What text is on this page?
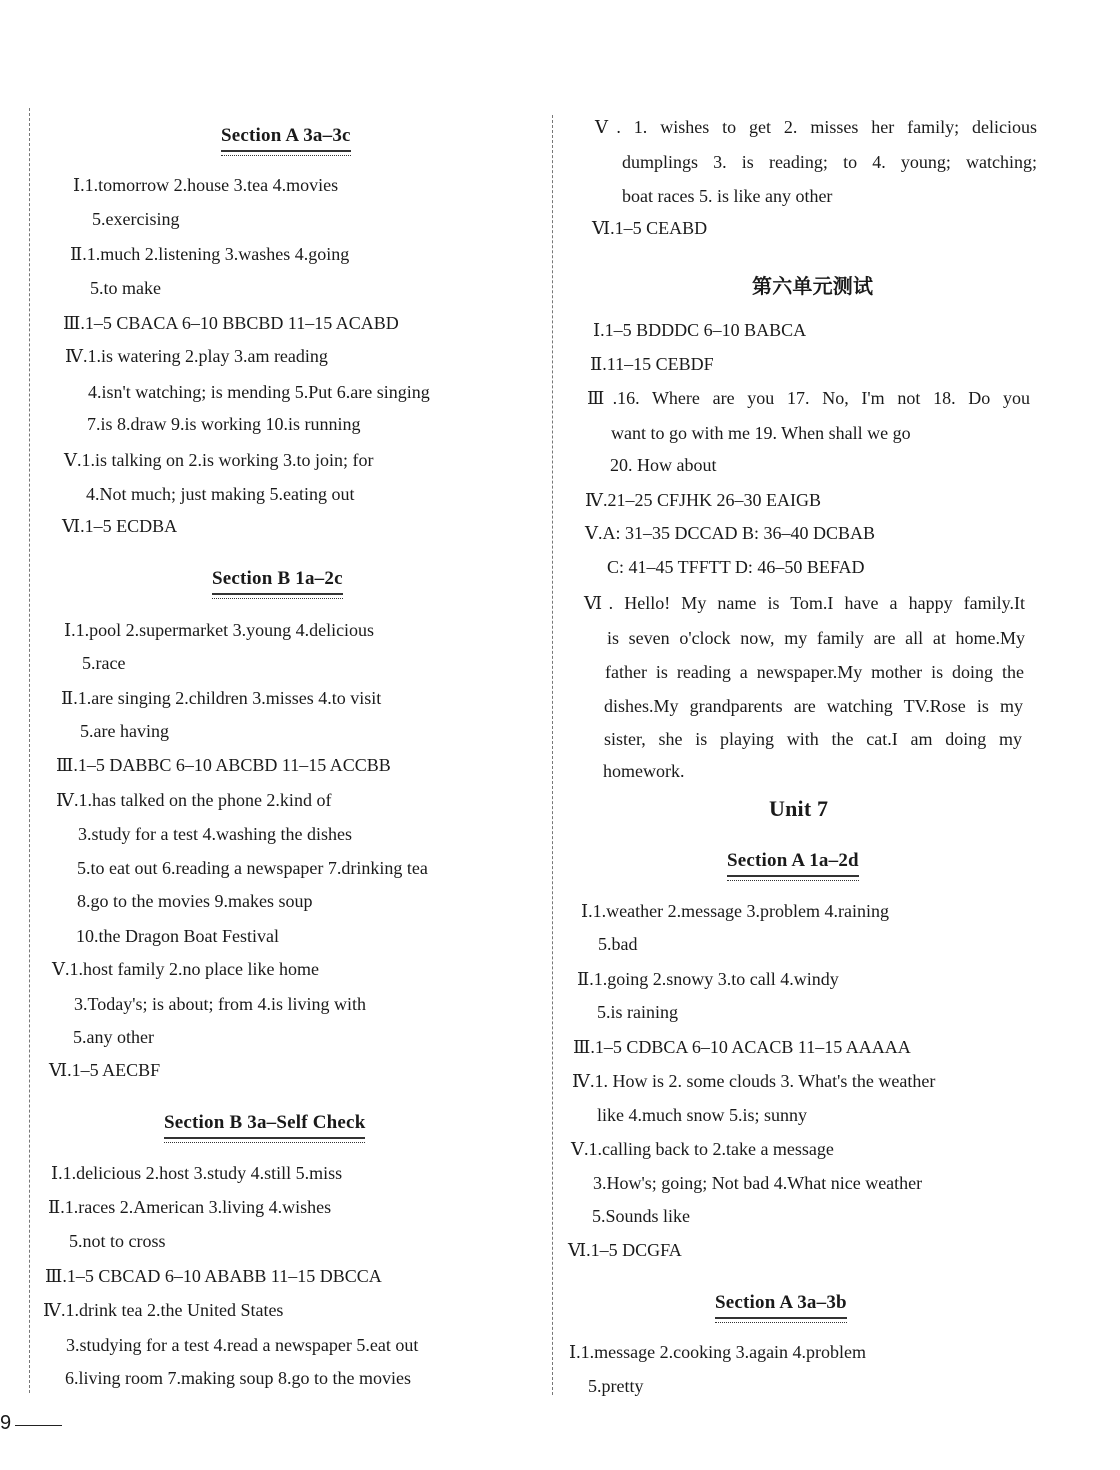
Section A 3a–3c
Ⅰ.1.tomorrow 2.house 3.tea 4.movies
5.exercising
Ⅱ.1.much 2.listening 3.washes 4.going
5.to make
Ⅲ.1–5 CBACA 6–10 BBCBD 11–15 ACABD
Ⅳ.1.is watering 2.play 3.am reading
4.isn't watching; is mending 5.Put 6.are singing
7.is 8.draw 9.is working 10.is running
Ⅴ.1.is talking on 2.is working 3.to join; for
4.Not much; just making 5.eating out
Ⅵ.1–5 ECDBA
Section B 1a–2c
Ⅰ.1.pool 2.supermarket 3.young 4.delicious
5.race
Ⅱ.1.are singing 2.children 3.misses 4.to visit
5.are having
Ⅲ.1–5 DABBC 6–10 ABCBD 11–15 ACCBB
Ⅳ.1.has talked on the phone 2.kind of
3.study for a test 4.washing the dishes
5.to eat out 6.reading a newspaper 7.drinking tea
8.go to the movies 9.makes soup
10.the Dragon Boat Festival
Ⅴ.1.host family 2.no place like home
3.Today's; is about; from 4.is living with
5.any other
Ⅵ.1–5 AECBF
Section B 3a–Self Check
Ⅰ.1.delicious 2.host 3.study 4.still 5.miss
Ⅱ.1.races 2.American 3.living 4.wishes
5.not to cross
Ⅲ.1–5 CBCAD 6–10 ABABB 11–15 DBCCA
Ⅳ.1.drink tea 2.the United States
3.studying for a test 4.read a newspaper 5.eat out
6.living room 7.making soup 8.go to the movies
Ⅴ. 1. wishes to get 2. misses her family; delicious
dumplings 3. is reading; to 4. young; watching;
boat races 5. is like any other
Ⅵ.1–5 CEABD
第六单元测试
Ⅰ.1–5 BDDDC 6–10 BABCA
Ⅱ.11–15 CEBDF
Ⅲ.16. Where are you 17. No, I'm not 18. Do you
want to go with me 19. When shall we go
20. How about
Ⅳ.21–25 CFJHK 26–30 EAIGB
Ⅴ.A: 31–35 DCCAD B: 36–40 DCBAB
C: 41–45 TFFTT D: 46–50 BEFAD
Ⅵ. Hello! My name is Tom.I have a happy family.It
is seven o'clock now, my family are all at home.My
father is reading a newspaper.My mother is doing the
dishes.My grandparents are watching TV.Rose is my
sister, she is playing with the cat.I am doing my
homework.
Unit 7
Section A 1a–2d
Ⅰ.1.weather 2.message 3.problem 4.raining
5.bad
Ⅱ.1.going 2.snowy 3.to call 4.windy
5.is raining
Ⅲ.1–5 CDBCA 6–10 ACACB 11–15 AAAAA
Ⅳ.1. How is 2. some clouds 3. What's the weather
like 4.much snow 5.is; sunny
Ⅴ.1.calling back to 2.take a message
3.How's; going; Not bad 4.What nice weather
5.Sounds like
Ⅵ.1–5 DCGFA
Section A 3a–3b
Ⅰ.1.message 2.cooking 3.again 4.problem
5.pretty
9
